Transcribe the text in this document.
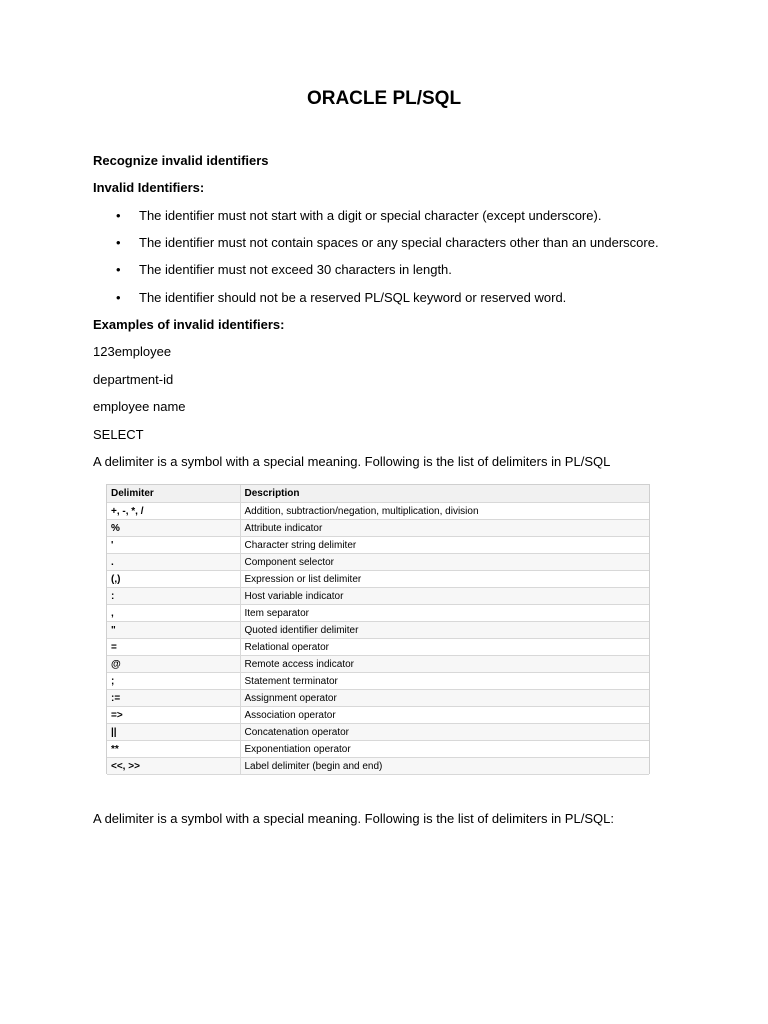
ORACLE PL/SQL
Recognize invalid identifiers
Invalid Identifiers:
• The identifier must not start with a digit or special character (except underscore).
• The identifier must not contain spaces or any special characters other than an underscore.
• The identifier must not exceed 30 characters in length.
• The identifier should not be a reserved PL/SQL keyword or reserved word.
Examples of invalid identifiers:
123employee
department-id
employee name
SELECT
A delimiter is a symbol with a special meaning. Following is the list of delimiters in PL/SQL
Delimiter	Description
+, -, *, /	Addition, subtraction/negation, multiplication, division
%	Attribute indicator
'	Character string delimiter
.	Component selector
(,)	Expression or list delimiter
:	Host variable indicator
,	Item separator
"	Quoted identifier delimiter
=	Relational operator
@	Remote access indicator
;	Statement terminator
:=	Assignment operator
=>	Association operator
||	Concatenation operator
**	Exponentiation operator
<<, >>	Label delimiter (begin and end)
A delimiter is a symbol with a special meaning. Following is the list of delimiters in PL/SQL:
